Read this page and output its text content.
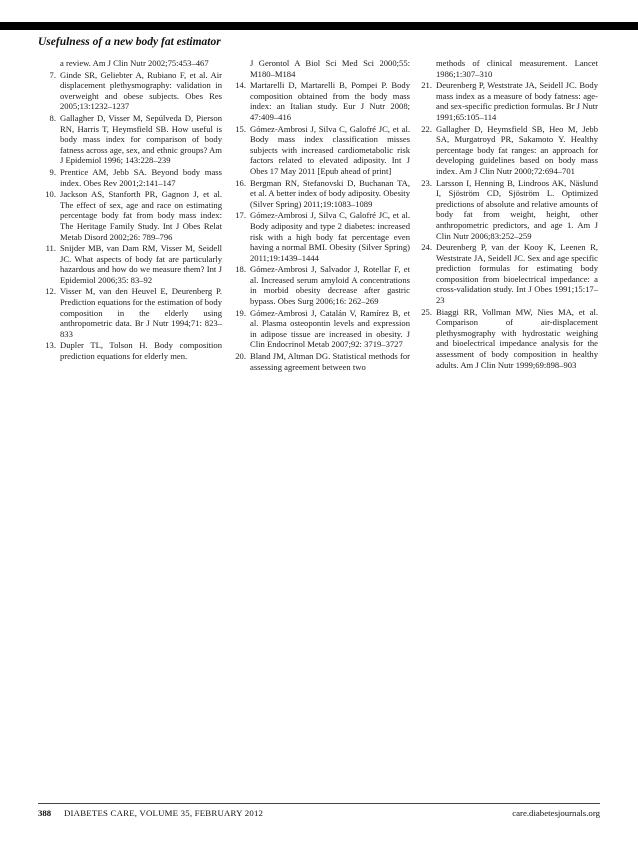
Usefulness of a new body fat estimator
a review. Am J Clin Nutr 2002;75:453–467
7. Ginde SR, Geliebter A, Rubiano F, et al. Air displacement plethysmography: validation in overweight and obese subjects. Obes Res 2005;13:1232–1237
8. Gallagher D, Visser M, Sepúlveda D, Pierson RN, Harris T, Heymsfield SB. How useful is body mass index for comparison of body fatness across age, sex, and ethnic groups? Am J Epidemiol 1996; 143:228–239
9. Prentice AM, Jebb SA. Beyond body mass index. Obes Rev 2001;2:141–147
10. Jackson AS, Stanforth PR, Gagnon J, et al. The effect of sex, age and race on estimating percentage body fat from body mass index: The Heritage Family Study. Int J Obes Relat Metab Disord 2002;26: 789–796
11. Snijder MB, van Dam RM, Visser M, Seidell JC. What aspects of body fat are particularly hazardous and how do we measure them? Int J Epidemiol 2006;35: 83–92
12. Visser M, van den Heuvel E, Deurenberg P. Prediction equations for the estimation of body composition in the elderly using anthropometric data. Br J Nutr 1994;71: 823–833
13. Dupler TL, Tolson H. Body composition prediction equations for elderly men.
J Gerontol A Biol Sci Med Sci 2000;55: M180–M184
14. Martarelli D, Martarelli B, Pompei P. Body composition obtained from the body mass index: an Italian study. Eur J Nutr 2008; 47:409–416
15. Gómez-Ambrosi J, Silva C, Galofré JC, et al. Body mass index classification misses subjects with increased cardiometabolic risk factors related to elevated adiposity. Int J Obes 17 May 2011 [Epub ahead of print]
16. Bergman RN, Stefanovski D, Buchanan TA, et al. A better index of body adiposity. Obesity (Silver Spring) 2011;19:1083–1089
17. Gómez-Ambrosi J, Silva C, Galofré JC, et al. Body adiposity and type 2 diabetes: increased risk with a high body fat percentage even having a normal BMI. Obesity (Silver Spring) 2011;19:1439–1444
18. Gómez-Ambrosi J, Salvador J, Rotellar F, et al. Increased serum amyloid A concentrations in morbid obesity decrease after gastric bypass. Obes Surg 2006;16: 262–269
19. Gómez-Ambrosi J, Catalán V, Ramírez B, et al. Plasma osteopontin levels and expression in adipose tissue are increased in obesity. J Clin Endocrinol Metab 2007;92: 3719–3727
20. Bland JM, Altman DG. Statistical methods for assessing agreement between two
methods of clinical measurement. Lancet 1986;1:307–310
21. Deurenberg P, Weststrate JA, Seidell JC. Body mass index as a measure of body fatness: age- and sex-specific prediction formulas. Br J Nutr 1991;65:105–114
22. Gallagher D, Heymsfield SB, Heo M, Jebb SA, Murgatroyd PR, Sakamoto Y. Healthy percentage body fat ranges: an approach for developing guidelines based on body mass index. Am J Clin Nutr 2000;72:694–701
23. Larsson I, Henning B, Lindroos AK, Näslund I, Sjöström CD, Sjöström L. Optimized predictions of absolute and relative amounts of body fat from weight, height, other anthropometric predictors, and age 1. Am J Clin Nutr 2006;83:252–259
24. Deurenberg P, van der Kooy K, Leenen R, Weststrate JA, Seidell JC. Sex and age specific prediction formulas for estimating body composition from bioelectrical impedance: a cross-validation study. Int J Obes 1991;15:17–23
25. Biaggi RR, Vollman MW, Nies MA, et al. Comparison of air-displacement plethysmography with hydrostatic weighing and bioelectrical impedance analysis for the assessment of body composition in healthy adults. Am J Clin Nutr 1999;69:898–903
388 DIABETES CARE, VOLUME 35, FEBRUARY 2012	care.diabetesjournals.org
